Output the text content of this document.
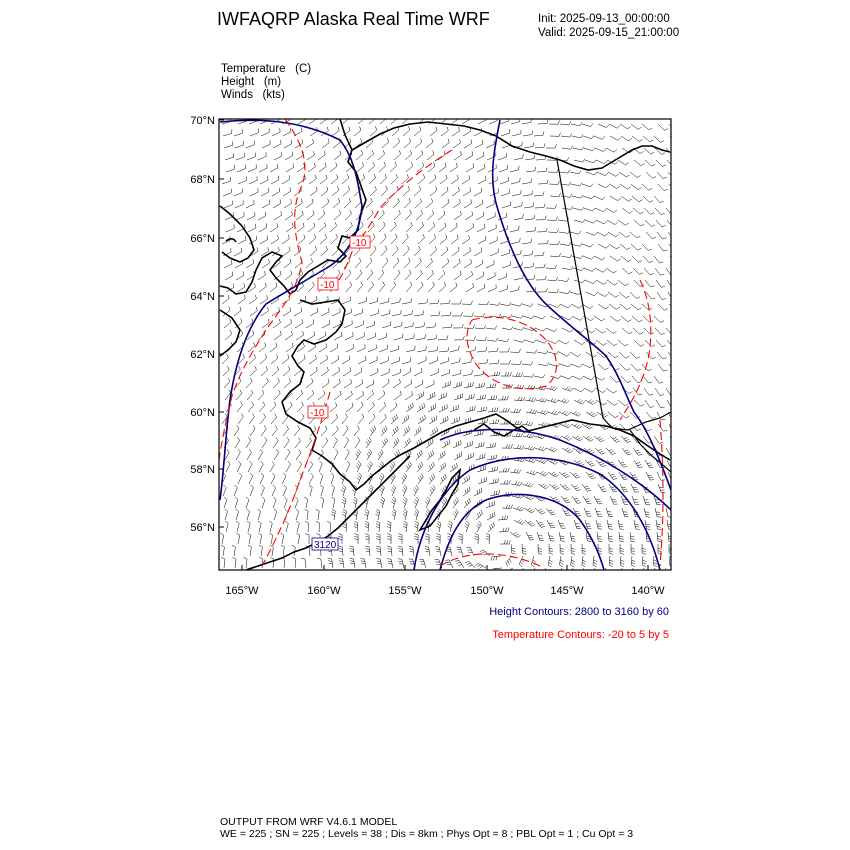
IWFAQRP Alaska Real Time WRF	Init: 2025-09-13_00:00:00
Valid: 2025-09-15_21:00:00
Temperature   (C)
Height   (m)
Winds   (kts)
-10
-10
-10
3120
70°N
68°N
66°N
64°N
62°N
60°N
58°N
56°N
165°W	160°W	155°W	150°W	145°W	140°W
Height Contours: 2800 to 3160 by 60
Temperature Contours: -20 to 5 by 5
OUTPUT FROM WRF V4.6.1 MODEL
WE = 225 ; SN = 225 ; Levels = 38 ; Dis = 8km ; Phys Opt = 8 ; PBL Opt = 1 ; Cu Opt = 3
